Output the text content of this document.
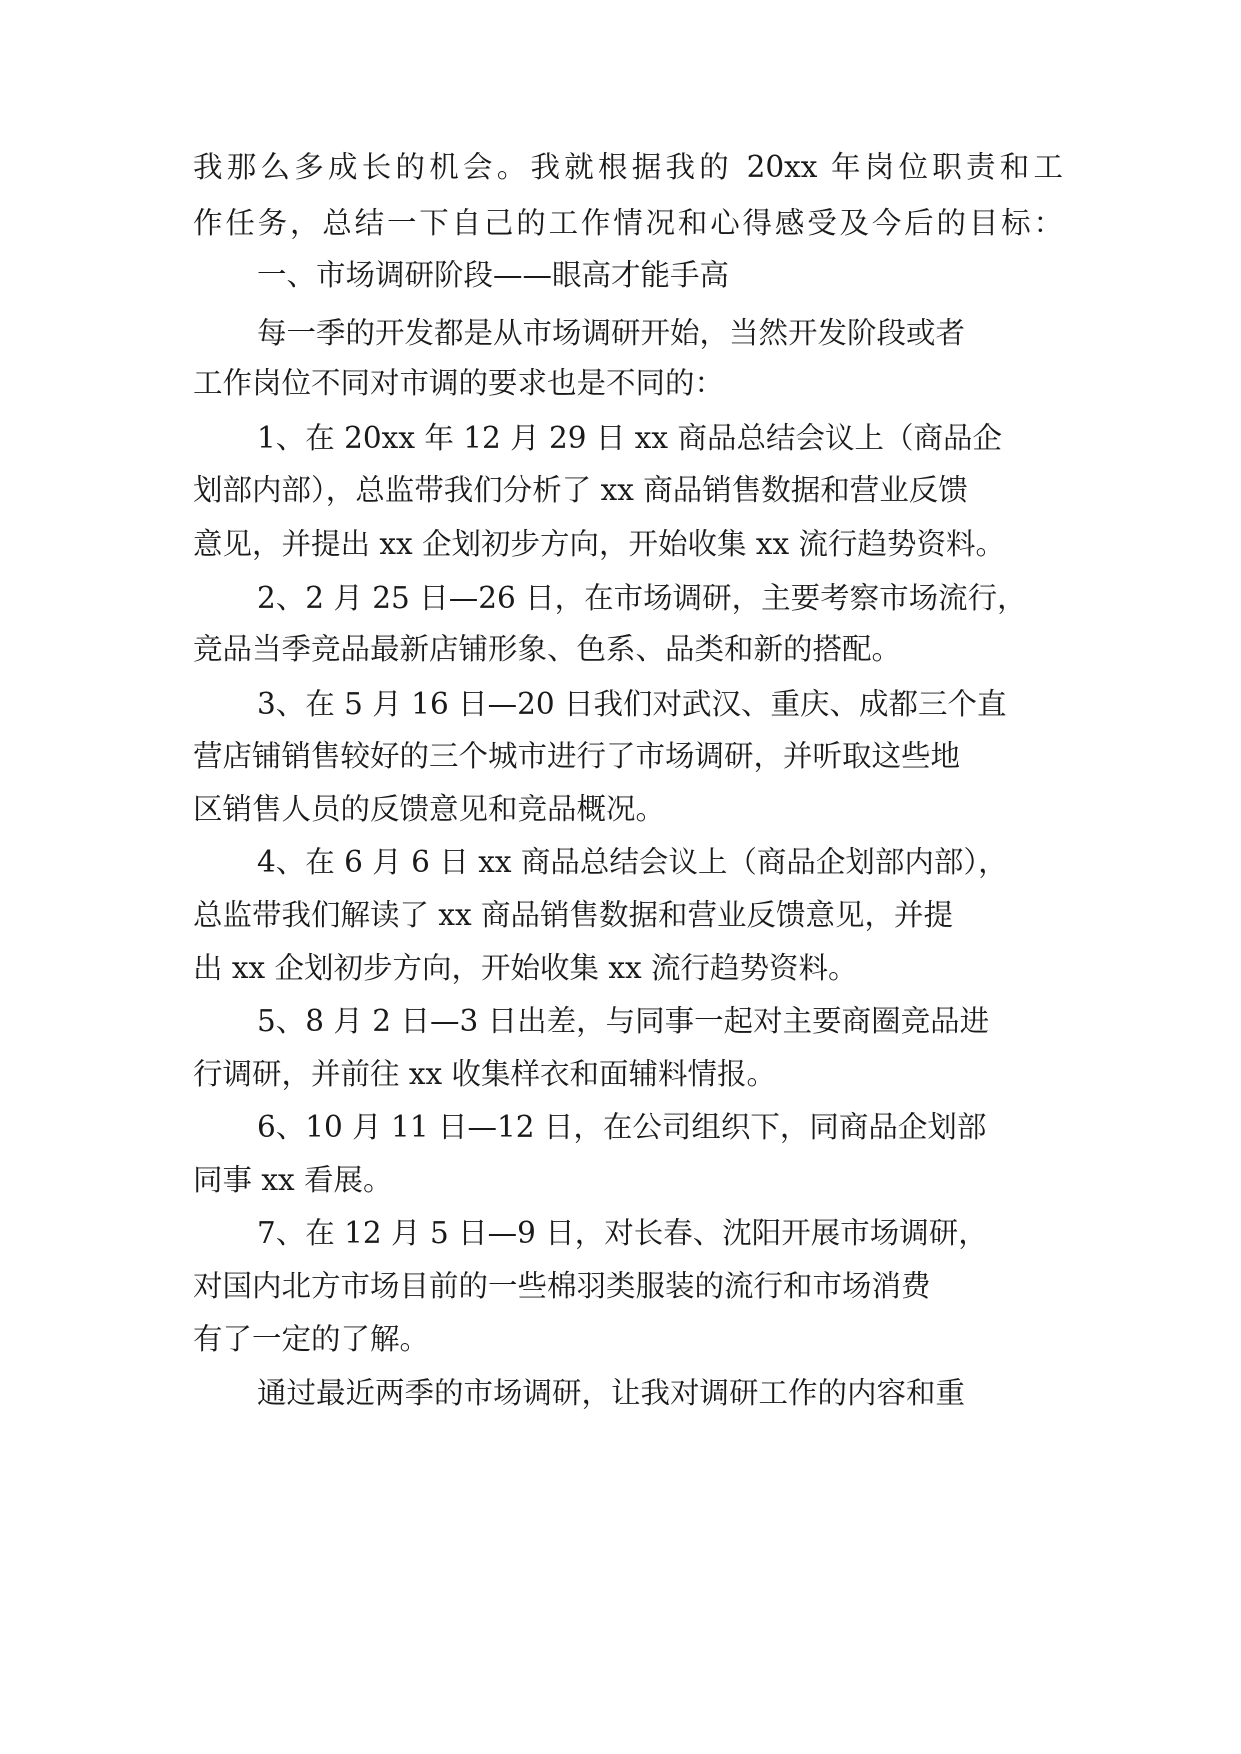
我那么多成长的机会。我就根据我的 20xx 年岗位职责和工

作任务，总结一下自己的工作情况和心得感受及今后的目标：

一、市场调研阶段——眼高才能手高

每一季的开发都是从市场调研开始，当然开发阶段或者

工作岗位不同对市调的要求也是不同的：

1、在 20xx 年 12 月 29 日 xx 商品总结会议上（商品企

划部内部），总监带我们分析了 xx 商品销售数据和营业反馈

意见，并提出 xx 企划初步方向，开始收集 xx 流行趋势资料。

2、2 月 25 日—26 日，在市场调研，主要考察市场流行，

竞品当季竞品最新店铺形象、色系、品类和新的搭配。

3、在 5 月 16 日—20 日我们对武汉、重庆、成都三个直

营店铺销售较好的三个城市进行了市场调研，并听取这些地

区销售人员的反馈意见和竞品概况。

4、在 6 月 6 日 xx 商品总结会议上（商品企划部内部），

总监带我们解读了 xx 商品销售数据和营业反馈意见，并提

出 xx 企划初步方向，开始收集 xx 流行趋势资料。

5、8 月 2 日—3 日出差，与同事一起对主要商圈竞品进

行调研，并前往 xx 收集样衣和面辅料情报。

6、10 月 11 日—12 日，在公司组织下，同商品企划部

同事 xx 看展。

7、在 12 月 5 日—9 日，对长春、沈阳开展市场调研，

对国内北方市场目前的一些棉羽类服装的流行和市场消费

有了一定的了解。

通过最近两季的市场调研，让我对调研工作的内容和重
